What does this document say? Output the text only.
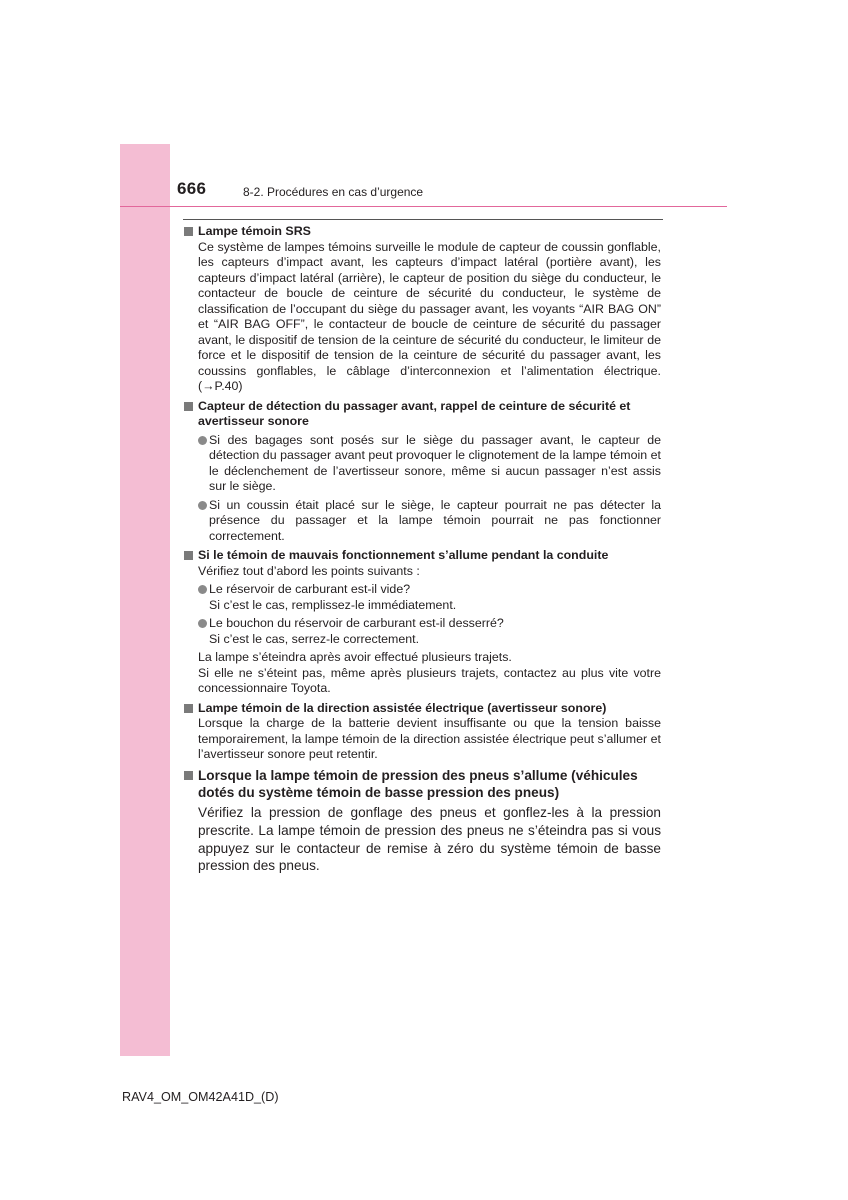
666	8-2. Procédures en cas d’urgence
Lampe témoin SRS
Ce système de lampes témoins surveille le module de capteur de coussin gonflable, les capteurs d’impact avant, les capteurs d’impact latéral (portière avant), les capteurs d’impact latéral (arrière), le capteur de position du siège du conducteur, le contacteur de boucle de ceinture de sécurité du conducteur, le système de classification de l’occupant du siège du passager avant, les voyants “AIR BAG ON” et “AIR BAG OFF”, le contacteur de boucle de ceinture de sécurité du passager avant, le dispositif de tension de la ceinture de sécurité du conducteur, le limiteur de force et le dispositif de tension de la ceinture de sécurité du passager avant, les coussins gonflables, le câblage d’interconnexion et l’alimentation électrique. (→P.40)
Capteur de détection du passager avant, rappel de ceinture de sécurité et avertisseur sonore
Si des bagages sont posés sur le siège du passager avant, le capteur de détection du passager avant peut provoquer le clignotement de la lampe témoin et le déclenchement de l’avertisseur sonore, même si aucun passager n’est assis sur le siège.
Si un coussin était placé sur le siège, le capteur pourrait ne pas détecter la présence du passager et la lampe témoin pourrait ne pas fonctionner correctement.
Si le témoin de mauvais fonctionnement s’allume pendant la conduite
Vérifiez tout d’abord les points suivants :
Le réservoir de carburant est-il vide?
Si c’est le cas, remplissez-le immédiatement.
Le bouchon du réservoir de carburant est-il desserré?
Si c’est le cas, serrez-le correctement.
La lampe s’éteindra après avoir effectué plusieurs trajets.
Si elle ne s’éteint pas, même après plusieurs trajets, contactez au plus vite votre concessionnaire Toyota.
Lampe témoin de la direction assistée électrique (avertisseur sonore)
Lorsque la charge de la batterie devient insuffisante ou que la tension baisse temporairement, la lampe témoin de la direction assistée électrique peut s’allumer et l’avertisseur sonore peut retentir.
Lorsque la lampe témoin de pression des pneus s’allume (véhicules dotés du système témoin de basse pression des pneus)
Vérifiez la pression de gonflage des pneus et gonflez-les à la pression prescrite. La lampe témoin de pression des pneus ne s’éteindra pas si vous appuyez sur le contacteur de remise à zéro du système témoin de basse pression des pneus.
RAV4_OM_OM42A41D_(D)
